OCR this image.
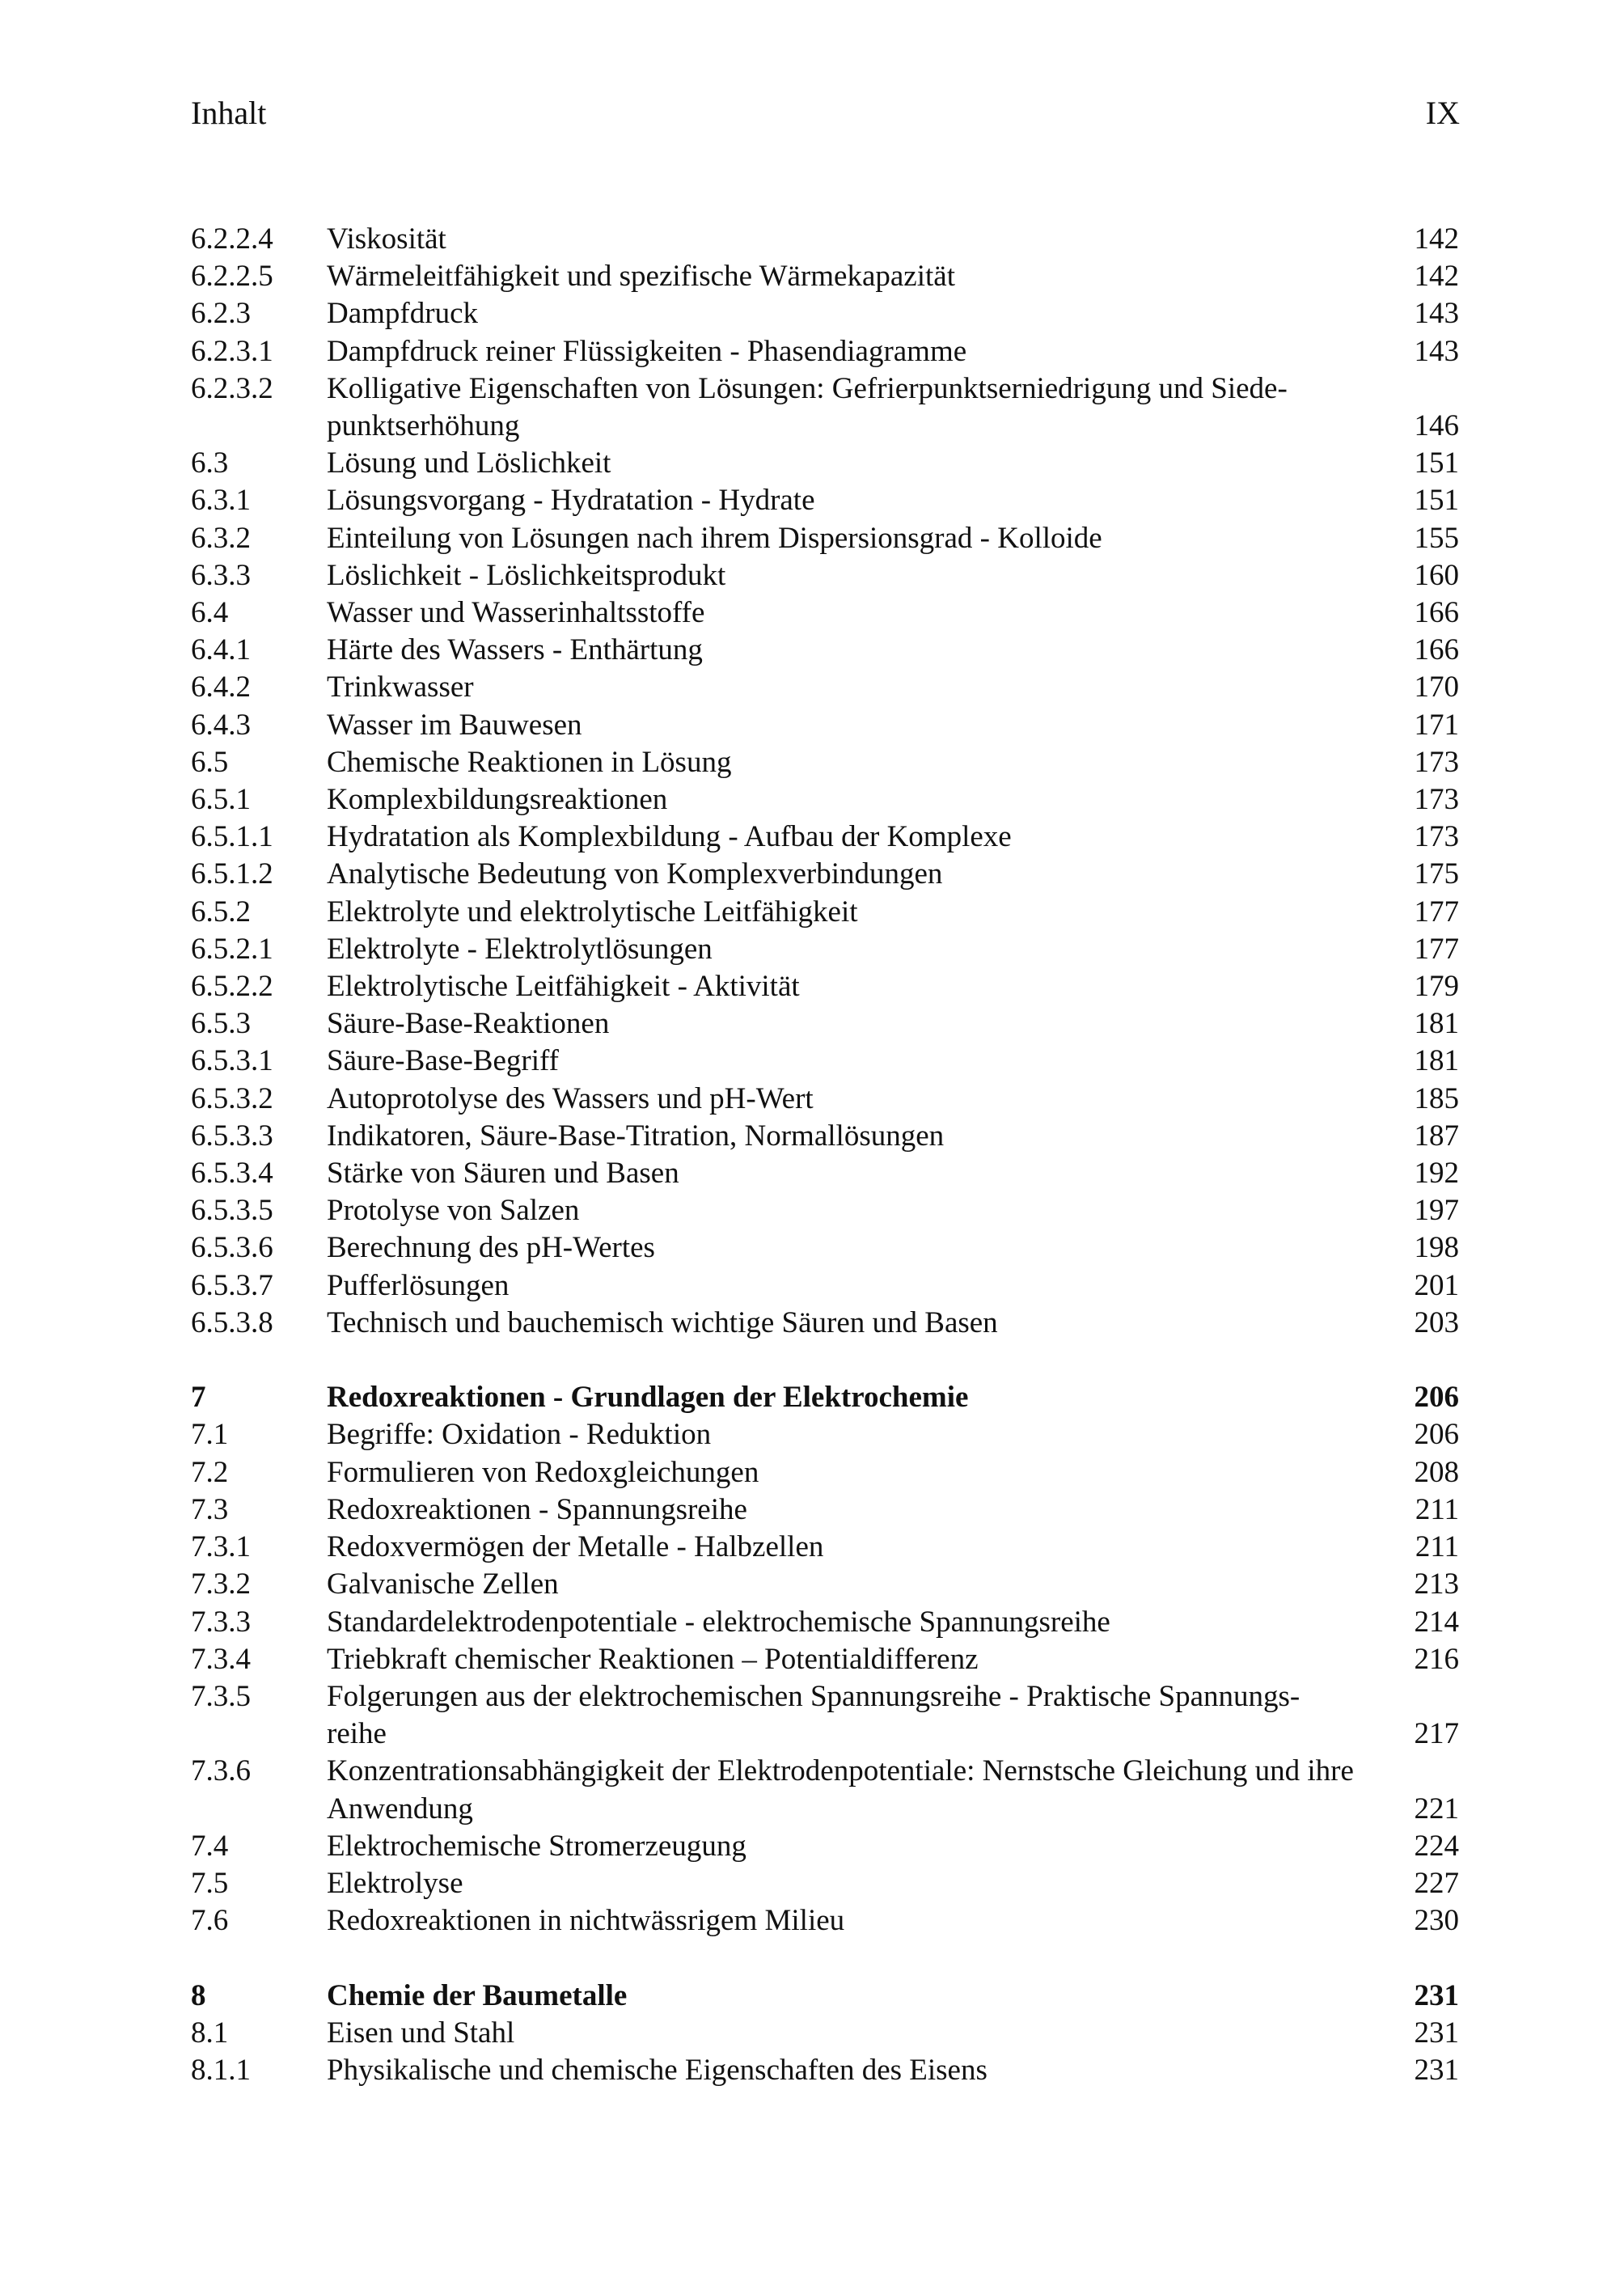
Inhalt	IX
6.2.2.4 Viskosität	142
6.2.2.5 Wärmeleitfähigkeit und spezifische Wärmekapazität	142
6.2.3	Dampfdruck	143
6.2.3.1 Dampfdruck reiner Flüssigkeiten - Phasendiagramme	143
6.2.3.2 Kolligative Eigenschaften von Lösungen: Gefrierpunktserniedrigung und Siede- punktserhöhung	146
6.3	Lösung und Löslichkeit	151
6.3.1	Lösungsvorgang - Hydratation - Hydrate	151
6.3.2	Einteilung von Lösungen nach ihrem Dispersionsgrad - Kolloide	155
6.3.3	Löslichkeit - Löslichkeitsprodukt	160
6.4	Wasser und Wasserinhaltsstoffe	166
6.4.1	Härte des Wassers - Enthärtung	166
6.4.2	Trinkwasser	170
6.4.3	Wasser im Bauwesen	171
6.5	Chemische Reaktionen in Lösung	173
6.5.1	Komplexbildungsreaktionen	173
6.5.1.1 Hydratation als Komplexbildung - Aufbau der Komplexe	173
6.5.1.2 Analytische Bedeutung von Komplexverbindungen	175
6.5.2	Elektrolyte und elektrolytische Leitfähigkeit	177
6.5.2.1 Elektrolyte - Elektrolytlösungen	177
6.5.2.2 Elektrolytische Leitfähigkeit - Aktivität	179
6.5.3	Säure-Base-Reaktionen	181
6.5.3.1 Säure-Base-Begriff	181
6.5.3.2 Autoprotolyse des Wassers und pH-Wert	185
6.5.3.3 Indikatoren, Säure-Base-Titration, Normallösungen	187
6.5.3.4 Stärke von Säuren und Basen	192
6.5.3.5 Protolyse von Salzen	197
6.5.3.6 Berechnung des pH-Wertes	198
6.5.3.7 Pufferlösungen	201
6.5.3.8 Technisch und bauchemisch wichtige Säuren und Basen	203
7	Redoxreaktionen - Grundlagen der Elektrochemie	206
7.1	Begriffe: Oxidation - Reduktion	206
7.2	Formulieren von Redoxgleichungen	208
7.3	Redoxreaktionen - Spannungsreihe	211
7.3.1	Redoxvermögen der Metalle - Halbzellen	211
7.3.2	Galvanische Zellen	213
7.3.3	Standardelektrodenpotentiale - elektrochemische Spannungsreihe	214
7.3.4	Triebkraft chemischer Reaktionen – Potentialdifferenz	216
7.3.5	Folgerungen aus der elektrochemischen Spannungsreihe - Praktische Spannungs- reihe	217
7.3.6	Konzentrationsabhängigkeit der Elektrodenpotentiale: Nernstsche Gleichung und ihre Anwendung	221
7.4	Elektrochemische Stromerzeugung	224
7.5	Elektrolyse	227
7.6	Redoxreaktionen in nichtwässrigem Milieu	230
8	Chemie der Baumetalle	231
8.1	Eisen und Stahl	231
8.1.1	Physikalische und chemische Eigenschaften des Eisens	231
